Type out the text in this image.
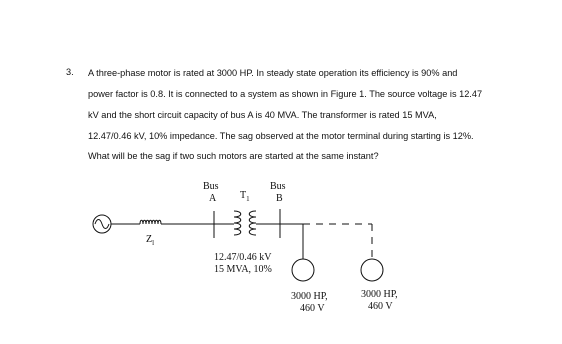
3. A three-phase motor is rated at 3000 HP. In steady state operation its efficiency is 90% and
power factor is 0.8. It is connected to a system as shown in Figure 1. The source voltage is 12.47
kV and the short circuit capacity of bus A is 40 MVA. The transformer is rated 15 MVA,
12.47/0.46 kV, 10% impedance. The sag observed at the motor terminal during starting is 12%.
What will be the sag if two such motors are started at the same instant?
Bus
A $T_1$
Bus
B
$Z_l$
12.47/0.46 kV
15 MVA, 10%
3000 HP,
460 V
3000 HP,
460 V
